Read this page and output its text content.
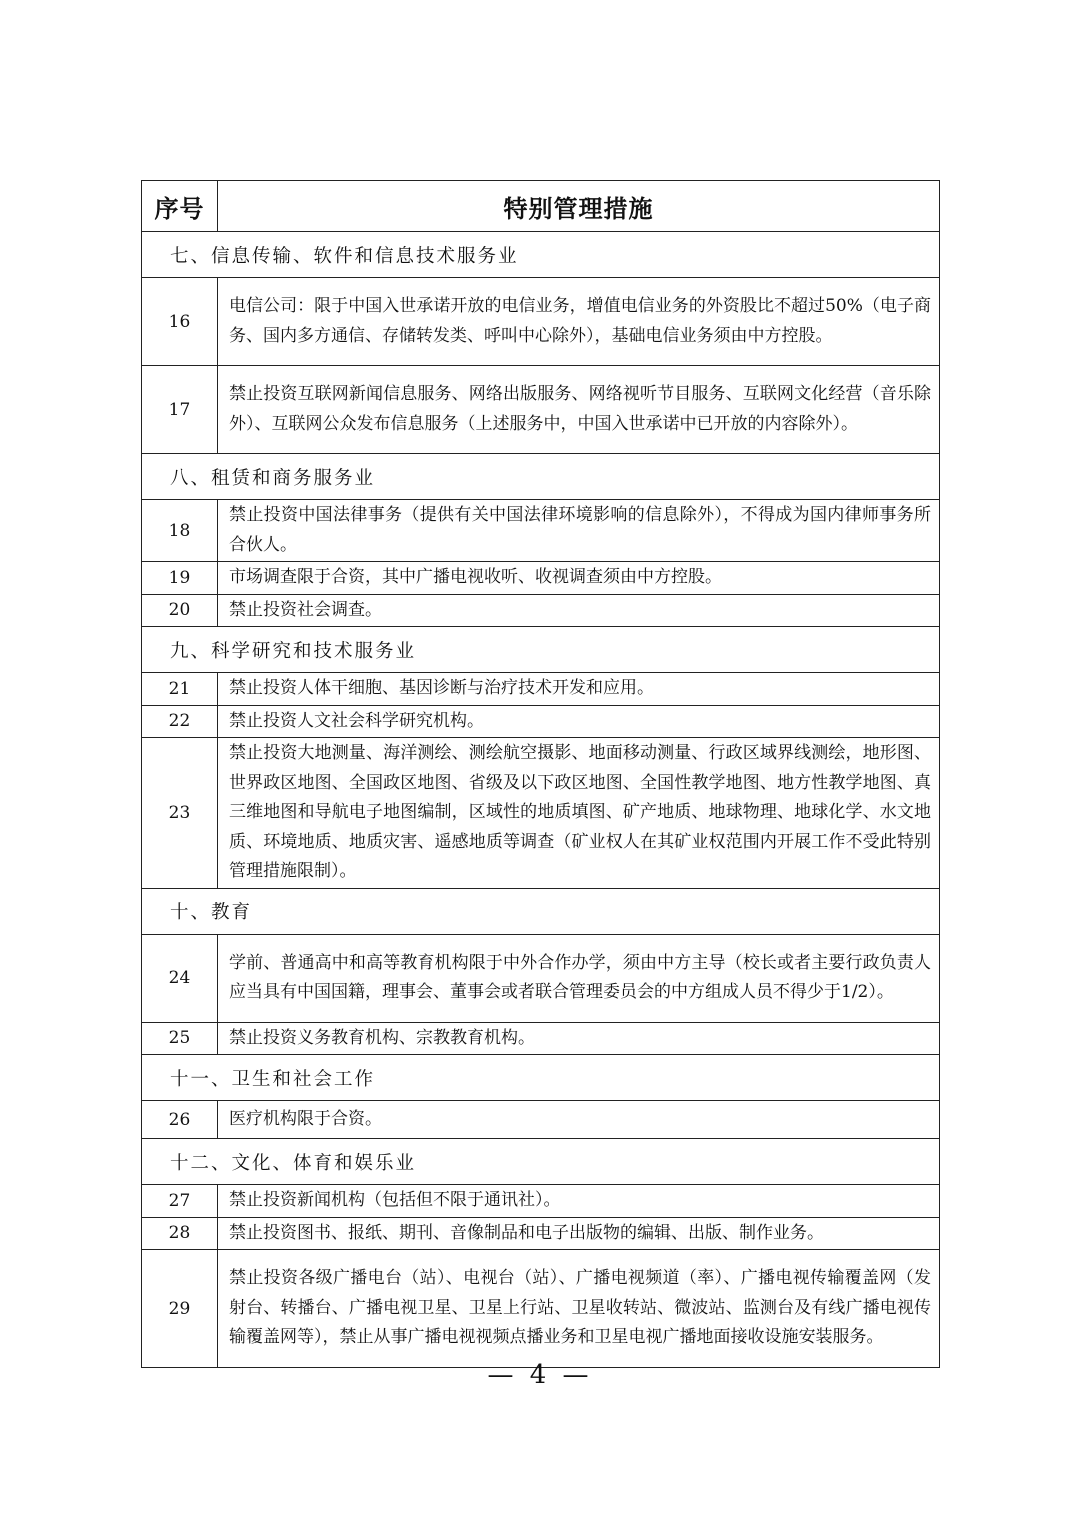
序号	特别管理措施
七、信息传输、软件和信息技术服务业	
16	电信公司：限于中国入世承诺开放的电信业务，增值电信业务的外资股比不超过50%（电子商务、国内多方通信、存储转发类、呼叫中心除外），基础电信业务须由中方控股。
17	禁止投资互联网新闻信息服务、网络出版服务、网络视听节目服务、互联网文化经营（音乐除外）、互联网公众发布信息服务（上述服务中，中国入世承诺中已开放的内容除外）。
八、租赁和商务服务业	
18	禁止投资中国法律事务（提供有关中国法律环境影响的信息除外），不得成为国内律师事务所合伙人。
19	市场调查限于合资，其中广播电视收听、收视调查须由中方控股。
20	禁止投资社会调查。
九、科学研究和技术服务业	
21	禁止投资人体干细胞、基因诊断与治疗技术开发和应用。
22	禁止投资人文社会科学研究机构。
23	禁止投资大地测量、海洋测绘、测绘航空摄影、地面移动测量、行政区域界线测绘，地形图、世界政区地图、全国政区地图、省级及以下政区地图、全国性教学地图、地方性教学地图、真三维地图和导航电子地图编制，区域性的地质填图、矿产地质、地球物理、地球化学、水文地质、环境地质、地质灾害、遥感地质等调查（矿业权人在其矿业权范围内开展工作不受此特别管理措施限制）。
十、教育	
24	学前、普通高中和高等教育机构限于中外合作办学，须由中方主导（校长或者主要行政负责人应当具有中国国籍，理事会、董事会或者联合管理委员会的中方组成人员不得少于1/2）。
25	禁止投资义务教育机构、宗教教育机构。
十一、卫生和社会工作	
26	医疗机构限于合资。
十二、文化、体育和娱乐业	
27	禁止投资新闻机构（包括但不限于通讯社）。
28	禁止投资图书、报纸、期刊、音像制品和电子出版物的编辑、出版、制作业务。
29	禁止投资各级广播电台（站）、电视台（站）、广播电视频道（率）、广播电视传输覆盖网（发射台、转播台、广播电视卫星、卫星上行站、卫星收转站、微波站、监测台及有线广播电视传输覆盖网等），禁止从事广播电视视频点播业务和卫星电视广播地面接收设施安装服务。
— 4 —
